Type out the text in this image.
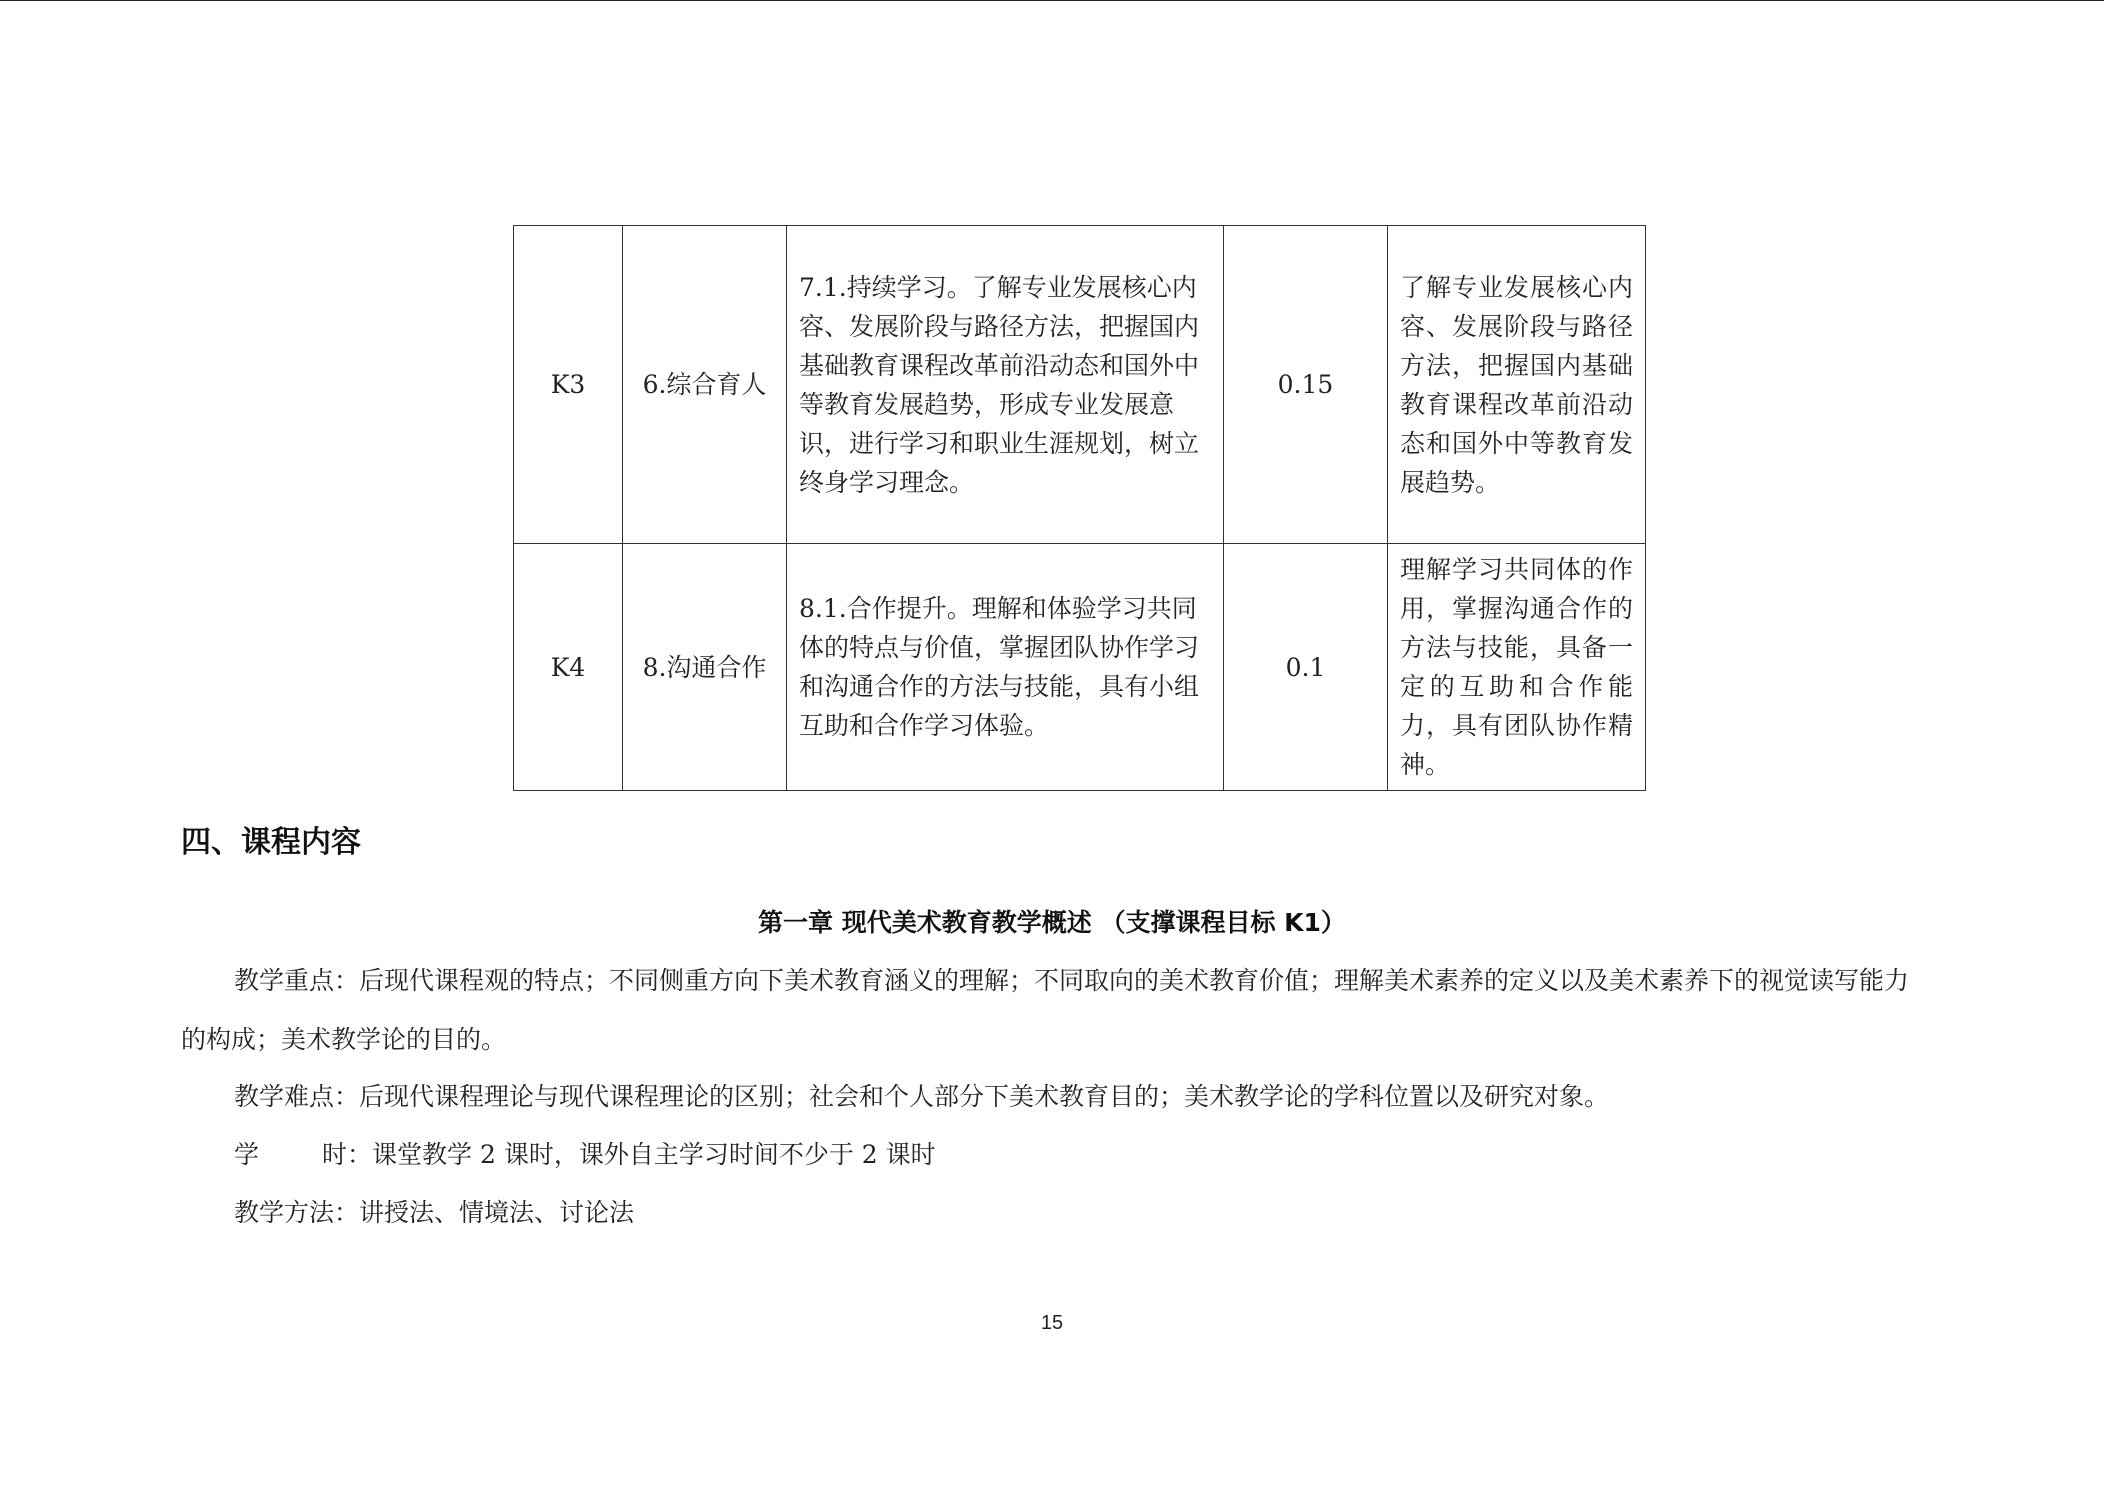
K3	6.综合育人	7.1.持续学习。了解专业发展核心内容、发展阶段与路径方法，把握国内基础教育课程改革前沿动态和国外中等教育发展趋势，形成专业发展意识，进行学习和职业生涯规划，树立终身学习理念。	0.15	了解专业发展核心内容、发展阶段与路径方法，把握国内基础教育课程改革前沿动态和国外中等教育发展趋势。
K4	8.沟通合作	8.1.合作提升。理解和体验学习共同体的特点与价值，掌握团队协作学习和沟通合作的方法与技能，具有小组互助和合作学习体验。	0.1	理解学习共同体的作用，掌握沟通合作的方法与技能，具备一定的互助和合作能力，具有团队协作精神。
四、课程内容
第一章 现代美术教育教学概述 （支撑课程目标 K1）
教学重点：后现代课程观的特点；不同侧重方向下美术教育涵义的理解；不同取向的美术教育价值；理解美术素养的定义以及美术素养下的视觉读写能力的构成；美术教学论的目的。
教学难点：后现代课程理论与现代课程理论的区别；社会和个人部分下美术教育目的；美术教学论的学科位置以及研究对象。
学	时：课堂教学 2 课时，课外自主学习时间不少于 2 课时
教学方法：讲授法、情境法、讨论法
15
